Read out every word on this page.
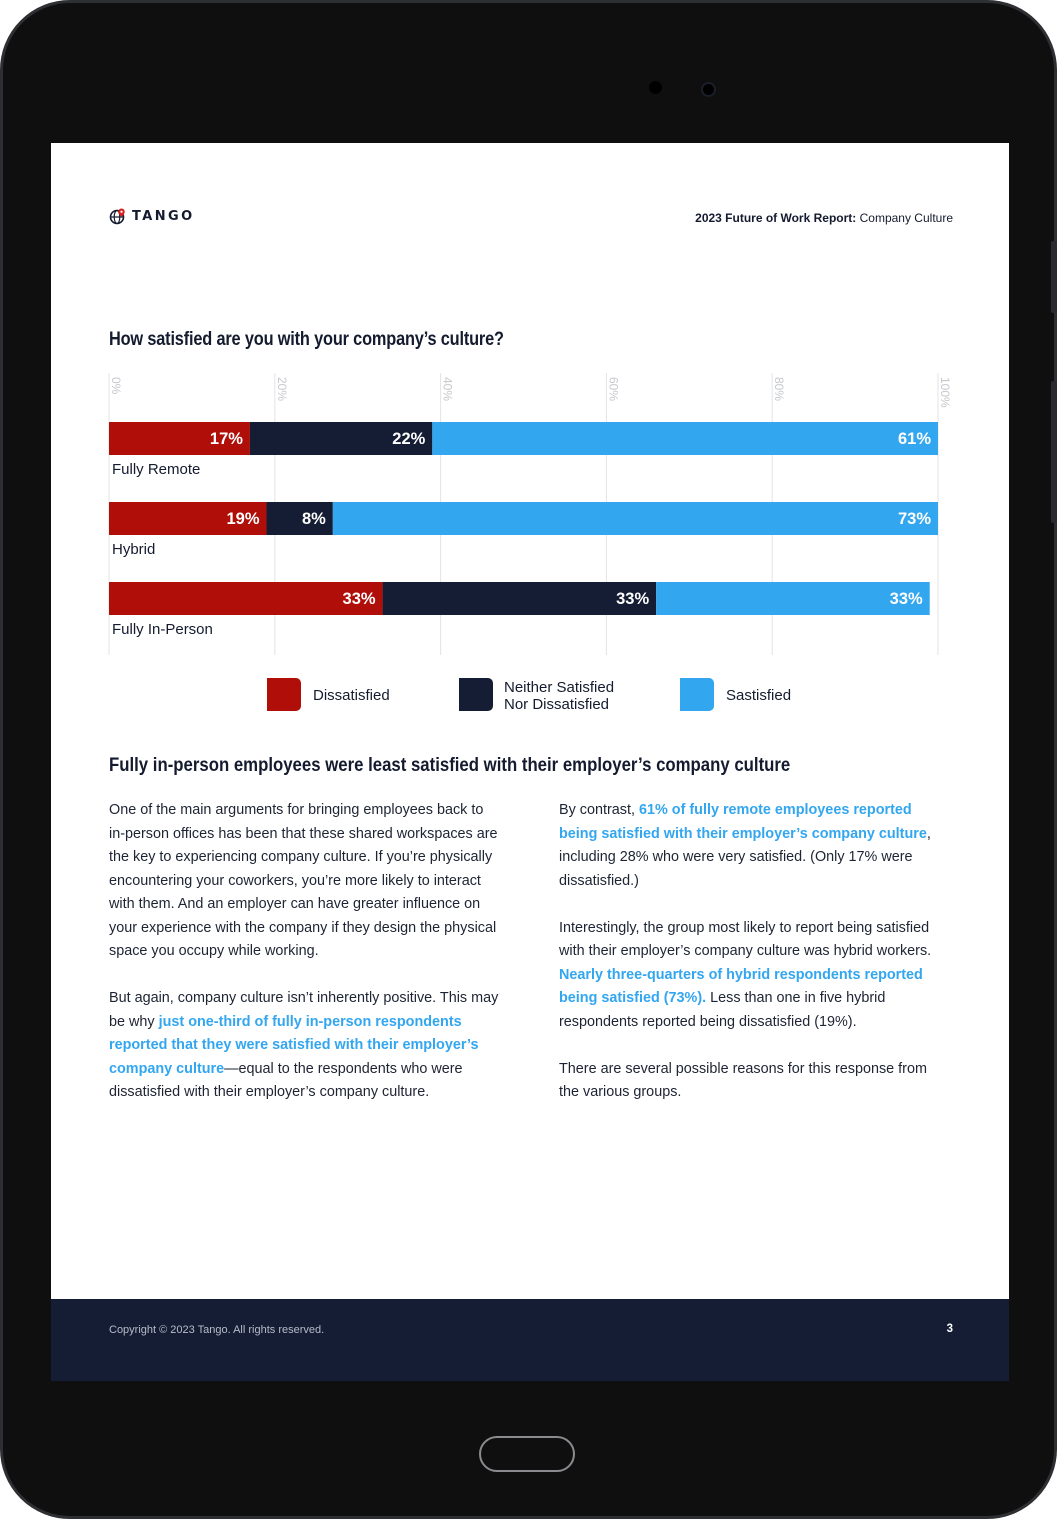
TANGO	2023 Future of Work Report: Company Culture
How satisfied are you with your company’s culture?
0%	20%	40%	60%	80%	100%
17%	22%	61%
Fully Remote
19%	8%	73%
Hybrid
33%	33%	33%
Fully In-Person
Dissatisfied	Neither Satisfied
Nor Dissatisfied
Sastisfied
Fully in-person employees were least satisfied with their employer’s company culture

One of the main arguments for bringing employees back to in-person offices has been that these shared workspaces are the key to experiencing company culture. If you’re physically encountering your coworkers, you’re more likely to interact with them. And an employer can have greater influence on your experience with the company if they design the physical space you occupy while working.

But again, company culture isn’t inherently positive. This may be why just one-third of fully in-person respondents reported that they were satisfied with their employer’s company culture—equal to the respondents who were dissatisfied with their employer’s company culture.

By contrast, 61% of fully remote employees reported being satisfied with their employer’s company culture, including 28% who were very satisfied. (Only 17% were dissatisfied.)

Interestingly, the group most likely to report being satisfied with their employer’s company culture was hybrid workers. Nearly three-quarters of hybrid respondents reported being satisfied (73%). Less than one in five hybrid respondents reported being dissatisfied (19%).

There are several possible reasons for this response from the various groups.

Copyright © 2023 Tango. All rights reserved.	3
